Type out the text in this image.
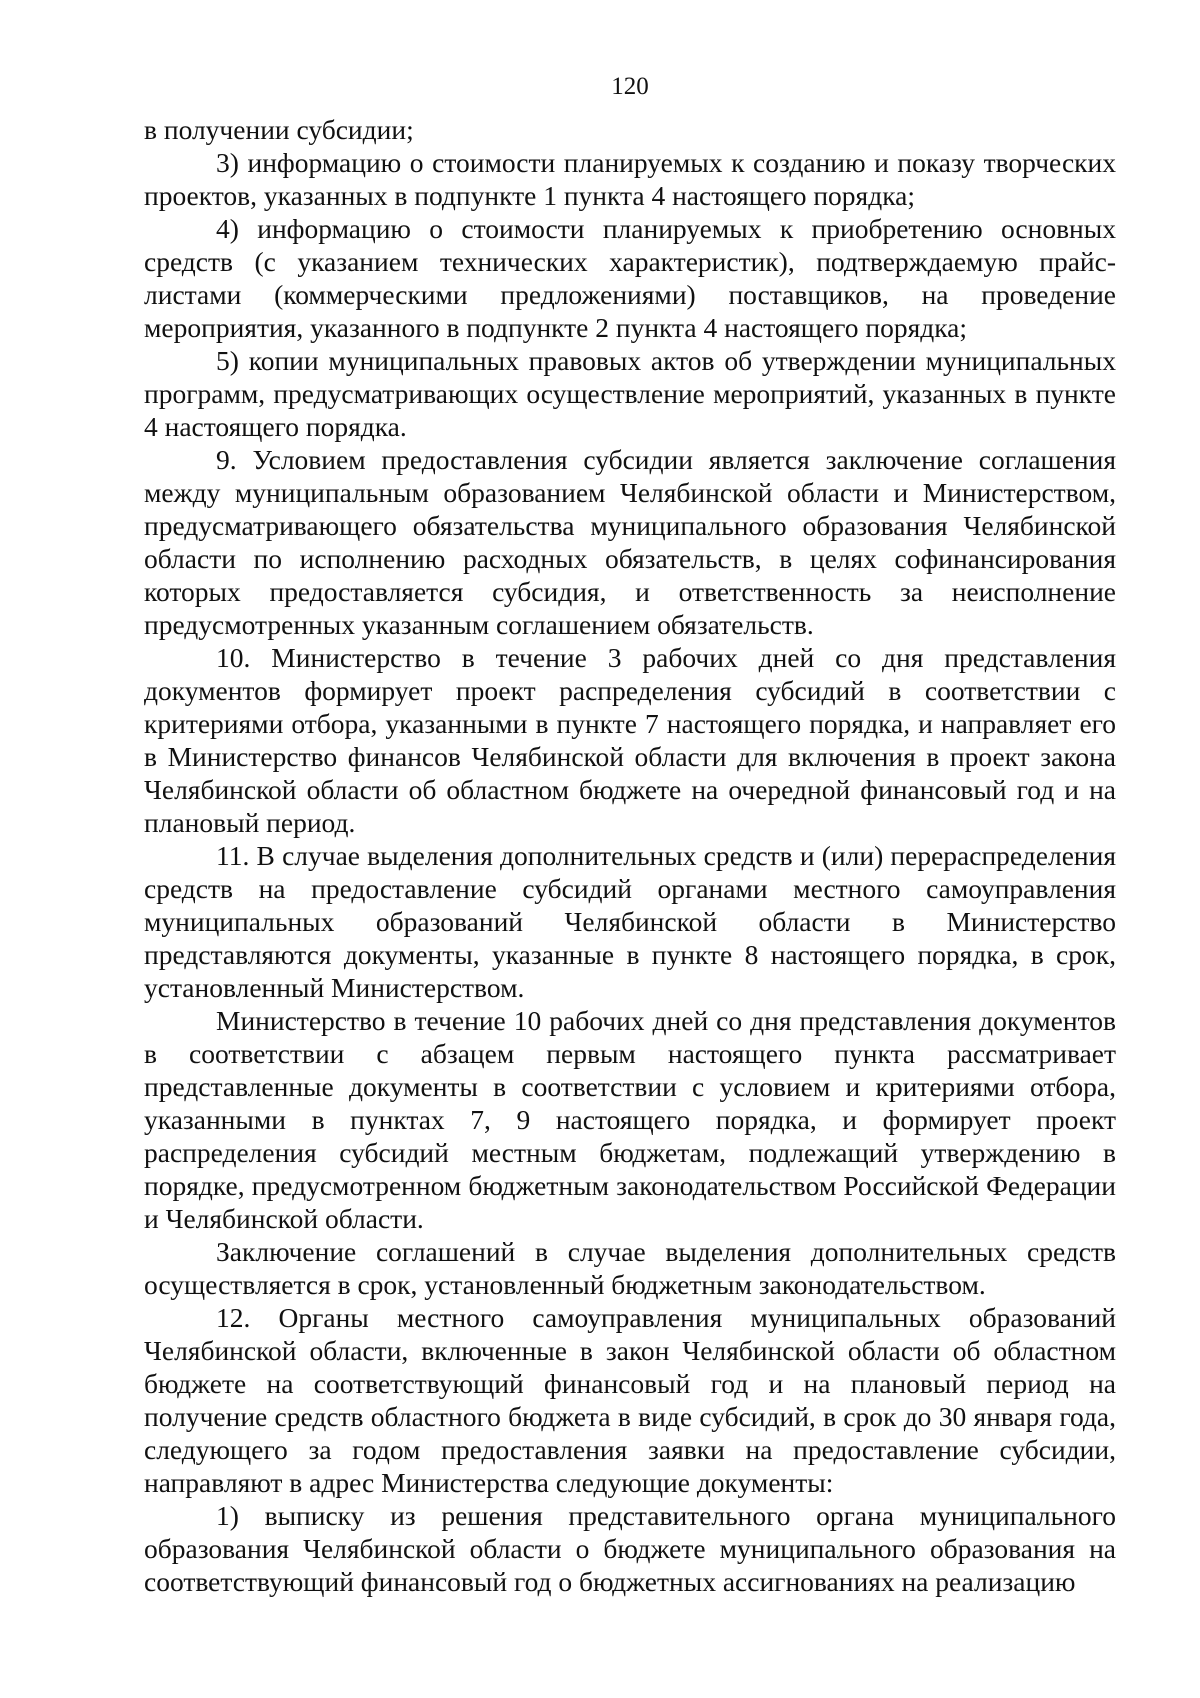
120

в получении субсидии;

3) информацию о стоимости планируемых к созданию и показу творческих проектов, указанных в подпункте 1 пункта 4 настоящего порядка;

4) информацию о стоимости планируемых к приобретению основных средств (с указанием технических характеристик), подтверждаемую прайс-листами (коммерческими предложениями) поставщиков, на проведение мероприятия, указанного в подпункте 2 пункта 4 настоящего порядка;

5) копии муниципальных правовых актов об утверждении муниципальных программ, предусматривающих осуществление мероприятий, указанных в пункте 4 настоящего порядка.

9. Условием предоставления субсидии является заключение соглашения между муниципальным образованием Челябинской области и Министерством, предусматривающего обязательства муниципального образования Челябинской области по исполнению расходных обязательств, в целях софинансирования которых предоставляется субсидия, и ответственность за неисполнение предусмотренных указанным соглашением обязательств.

10. Министерство в течение 3 рабочих дней со дня представления документов формирует проект распределения субсидий в соответствии с критериями отбора, указанными в пункте 7 настоящего порядка, и направляет его в Министерство финансов Челябинской области для включения в проект закона Челябинской области об областном бюджете на очередной финансовый год и на плановый период.

11. В случае выделения дополнительных средств и (или) перераспределения средств на предоставление субсидий органами местного самоуправления муниципальных образований Челябинской области в Министерство представляются документы, указанные в пункте 8 настоящего порядка, в срок, установленный Министерством.

Министерство в течение 10 рабочих дней со дня представления документов в соответствии с абзацем первым настоящего пункта рассматривает представленные документы в соответствии с условием и критериями отбора, указанными в пунктах 7, 9 настоящего порядка, и формирует проект распределения субсидий местным бюджетам, подлежащий утверждению в порядке, предусмотренном бюджетным законодательством Российской Федерации и Челябинской области.

Заключение соглашений в случае выделения дополнительных средств осуществляется в срок, установленный бюджетным законодательством.

12. Органы местного самоуправления муниципальных образований Челябинской области, включенные в закон Челябинской области об областном бюджете на соответствующий финансовый год и на плановый период на получение средств областного бюджета в виде субсидий, в срок до 30 января года, следующего за годом предоставления заявки на предоставление субсидии, направляют в адрес Министерства следующие документы:

1) выписку из решения представительного органа муниципального образования Челябинской области о бюджете муниципального образования на соответствующий финансовый год о бюджетных ассигнованиях на реализацию
